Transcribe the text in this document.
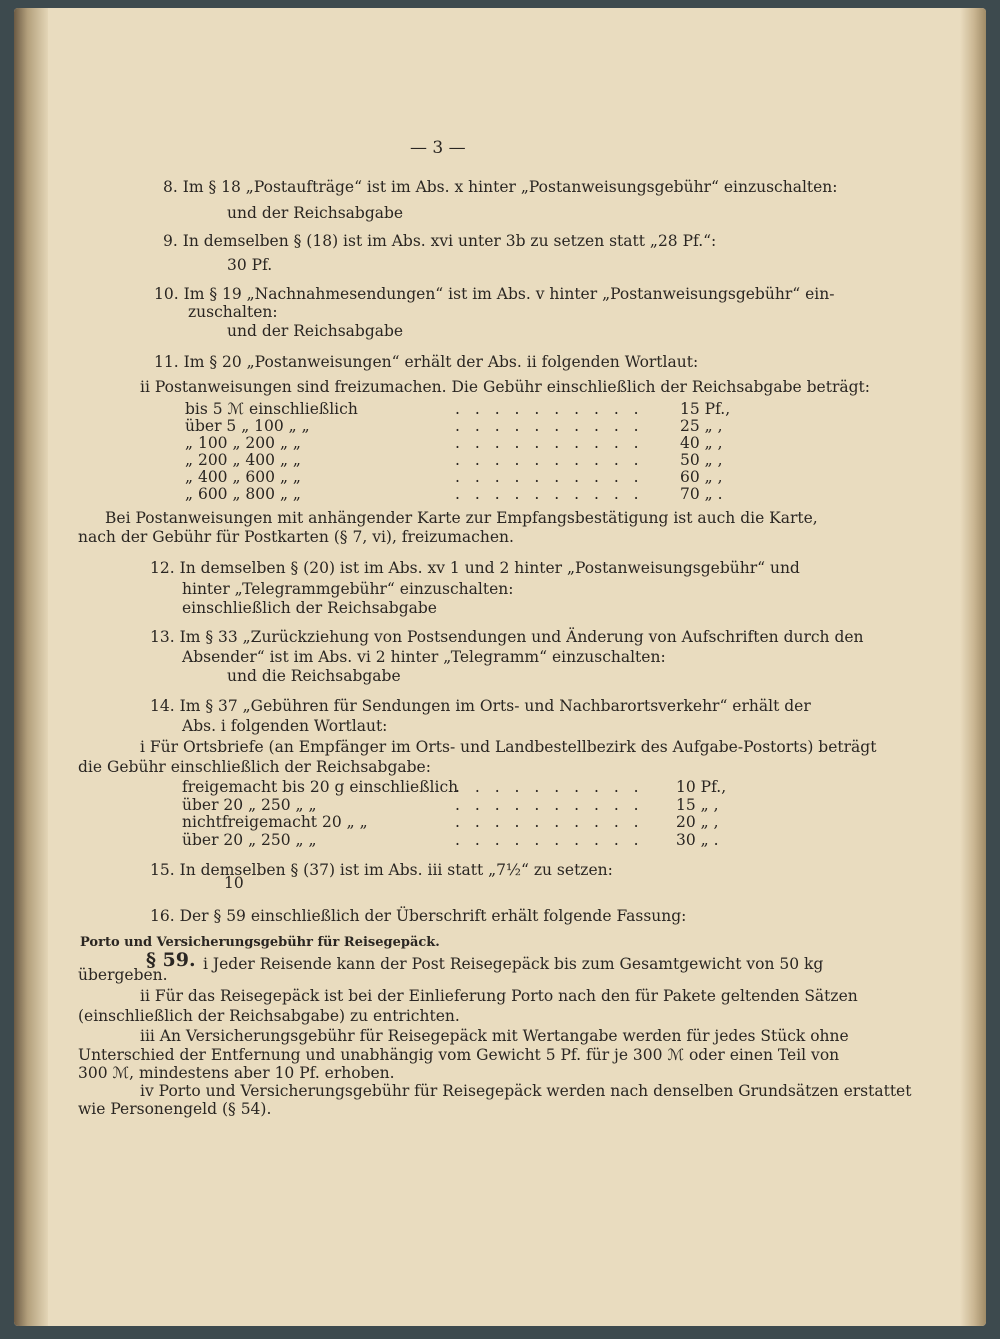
— 3 —
8. Im § 18 „Postaufträge“ ist im Abs. x hinter „Postanweisungsgebühr“ einzuschalten:
und der Reichsabgabe
9. In demselben § (18) ist im Abs. xvi unter 3b zu setzen statt „28 Pf.“:
30 Pf.
10. Im § 19 „Nachnahmesendungen“ ist im Abs. v hinter „Postanweisungsgebühr“ ein-
zuschalten:
und der Reichsabgabe
11. Im § 20 „Postanweisungen“ erhält der Abs. ii folgenden Wortlaut:
ii Postanweisungen sind freizumachen. Die Gebühr einschließlich der Reichsabgabe beträgt:
bis 5 ℳ einschließlich	. . . . . . . . . . 15 Pf.,
über 5 „ 100 „ „	. . . . . . . . . . 25 „ ,
„ 100 „ 200 „ „	. . . . . . . . . . 40 „ ,
„ 200 „ 400 „ „	. . . . . . . . . . 50 „ ,
„ 400 „ 600 „ „	. . . . . . . . . . 60 „ ,
„ 600 „ 800 „ „	. . . . . . . . . . 70 „ .
Bei Postanweisungen mit anhängender Karte zur Empfangsbestätigung ist auch die Karte,
nach der Gebühr für Postkarten (§ 7, vi), freizumachen.
12. In demselben § (20) ist im Abs. xv 1 und 2 hinter „Postanweisungsgebühr“ und
hinter „Telegrammgebühr“ einzuschalten:
einschließlich der Reichsabgabe
13. Im § 33 „Zurückziehung von Postsendungen und Änderung von Aufschriften durch den
Absender“ ist im Abs. vi 2 hinter „Telegramm“ einzuschalten:
und die Reichsabgabe
14. Im § 37 „Gebühren für Sendungen im Orts- und Nachbarortsverkehr“ erhält der
Abs. i folgenden Wortlaut:
i Für Ortsbriefe (an Empfänger im Orts- und Landbestellbezirk des Aufgabe-Postorts) beträgt
die Gebühr einschließlich der Reichsabgabe:
freigemacht bis 20 g einschließlich
. . . . . . . . . . 10 Pf.,
über 20 „ 250 „ „	. . . . . . . . . . 15 „ ,
nichtfreigemacht 20 „ „	. . . . . . . . . . 20 „ ,
über 20 „ 250 „ „	. . . . . . . . . . 30 „ .
15. In demselben § (37) ist im Abs. iii statt „7½“ zu setzen:
10
16. Der § 59 einschließlich der Überschrift erhält folgende Fassung:
Porto und Versicherungsgebühr für Reisegepäck.
§ 59. i Jeder Reisende kann der Post Reisegepäck bis zum Gesamtgewicht von 50 kg
übergeben.
ii Für das Reisegepäck ist bei der Einlieferung Porto nach den für Pakete geltenden Sätzen
(einschließlich der Reichsabgabe) zu entrichten.
iii An Versicherungsgebühr für Reisegepäck mit Wertangabe werden für jedes Stück ohne
Unterschied der Entfernung und unabhängig vom Gewicht 5 Pf. für je 300 ℳ oder einen Teil von
300 ℳ, mindestens aber 10 Pf. erhoben.
iv Porto und Versicherungsgebühr für Reisegepäck werden nach denselben Grundsätzen erstattet
wie Personengeld (§ 54).
